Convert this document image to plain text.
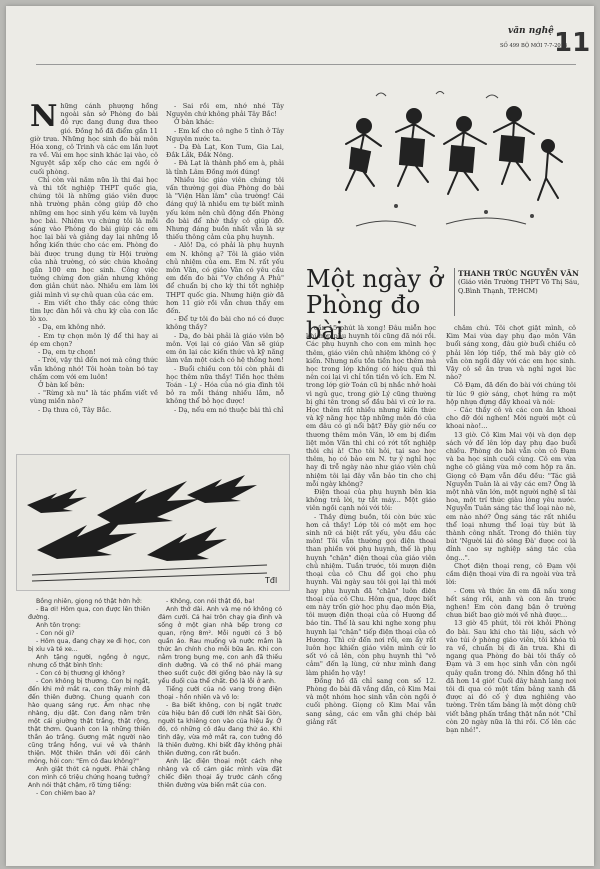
văn nghệ
SỐ 499 BỘ MỚI 7-7-2016
11
N hững cánh phượng hồng ngoài sân sở Phòng đo bài đỏ rực đang đung đưa theo gió. Đồng hồ đã điểm gần 11 giờ trưa. Những học sinh đo bài môn Hóa xong, cô Trinh và các em lần lượt ra về. Vài em học sinh khác lại vào, cô Nguyệt sắp xếp cho các em ngồi ở cuối phòng.

Chỉ còn vài năm nữa là thi đại học và thi tốt nghiệp THPT quốc gia, chúng tôi là những giáo viên được nhà trường phân công giúp đỡ cho những em học sinh yếu kém và luyện học bài. Nhiệm vụ chúng tôi là mỗi sáng vào Phòng đo bài giúp các em học lại bài và giảng dạy lại những lỗ hổng kiến thức cho các em. Phòng đo bài được trung dụng từ Hội trường của nhà trường, có sức chứa khoảng gần 100 em học sinh. Công việc tưởng chừng đơn giản nhưng không đơn giản chút nào. Nhiều em làm lời giải mình vì sự chủ quan của các em.

- Em viết cho thầy các công thức tìm lực đàn hồi và chu kỳ của con lắc lò xo.

- Dạ, em không nhớ.

- Em tự chọn môn lý để thi hay ai ép em chọn?

- Dạ, em tự chọn!

- Trời, vậy thì đến nơi mà công thức vẫn không nhớ! Tôi hoàn toàn bó tay chấm cơm với em luôn!

Ở bàn kế bên:

- "Rừng xà nu" là tác phẩm viết về vùng miền nào?

- Dạ thưa cô, Tây Bắc.

- Sai rồi em, nhớ nhé Tây Nguyên chứ không phải Tây Bắc!

Ở bàn khác:

- Em kể cho cô nghe 5 tỉnh ở Tây Nguyên nước ta.

- Dạ Đà Lạt, Kon Tum, Gia Lai, Đắk Lắk, Đắk Nông.

- Đà Lạt là thành phố em à, phải là tỉnh Lâm Đồng mới đúng!

Nhiều lúc giáo viên chúng tôi vấn thường gọi đùa Phòng đo bài là "Viện Hàn lâm" của trường! Cái đáng quý là nhiều em tự biết mình yếu kém nên chủ động đến Phòng đo bài để nhờ thầy cô giúp đỡ. Nhưng đáng buồn nhất vẫn là sự thiếu thông cảm của phụ huynh.

- Alô! Dạ, có phải là phụ huynh em N. không ạ? Tôi là giáo viên chủ nhiệm của em. Em N. rất yếu môn Văn, có giáo Vân có yêu cầu em đến đo bài "Vợ chồng A Phủ" để chuẩn bị cho kỳ thi tốt nghiệp THPT quốc gia. Nhưng hiện giờ đã hơn 11 giờ rồi vẫn chưa thấy em đến.

- Để tự tôi đo bài cho nó có được không thầy?

- Dạ, đo bài phải là giáo viên bộ môn. Vợi lại có giáo Vân sẽ giúp em ôn lại các kiến thức và kỹ năng làm văn một cách có hệ thống hơn!

- Buổi chiều con tôi còn phải đi học thêm nữa thầy! Tiền học thêm Toán - Lý - Hóa của nó gia đình tôi bỏ ra mỗi tháng nhiều lắm, nỗ không thể bỏ học được!

- Dạ, nếu em nó thuộc bài thì chỉ

Một ngày ở Phòng đo bài
THANH TRÚC NGUYỄN VĂN
(Giáo viên Trường THPT Võ Thị Sáu, Q.Bình Thạnh, TP.HCM)

cần 15 phút là xong! Đâu miễn học khi hợp phụ huynh tôi cũng đã nói rồi. Các phụ huynh cho con em mình học thêm, giáo viên chủ nhiệm không có ý kiến. Nhưng nếu tồn tiền học thêm mà học trong lớp không có hiệu quả thì nên coi lại vì chỉ tồn tiền vô ích. Em N. trong lớp giờ Toán cũ bị nhắc nhở hoài vì ngủ gục, trong giờ Lý cũng thường bị ghi tên trong sổ đầu bài vì cứ lơ ra. Học thêm rất nhiều nhưng kiến thức và kỹ năng học tập những môn đó của em đâu có gì nổi bật? Đây giờ nếu cơ thương thêm môn Văn, lỡ em bị điểm liệt môn Văn thì chi có rớt tốt nghiệp thôi chị à! Cho tôi hỏi, tại sao học thêm, họ có bảo em N. tự ý nghỉ học hay đi trễ ngày nào như giáo viên chủ nhiệm tôi lại đây vẫn bảo tin cho chị mỗi ngày không?

Điện thoại của phụ huynh bên kia không trả lời, tự tắt máy... Một giáo viên ngồi cạnh nói với tôi:

- Thầy đừng buồn, tôi còn bức xúc hơn cả thầy! Lớp tôi có một em học sinh nữ cá biệt rất yếu, yêu đầu các môn! Tôi vẫn thường gọi điện thoại than phiền với phụ huynh, thế là phụ huynh "chặn" điện thoại của giáo viên chủ nhiệm. Tuần trước, tôi mượn điện thoại của cô Chu để gọi cho phụ huynh. Vài ngày sau tôi gọi lại thì mới hay phụ huynh đã "chặn" luôn điện thoại của cô Chu. Hôm qua, được biết em này trốn giờ học phụ đạo môn Địa, tôi mượn điện thoại của cô Hương để báo tin. Thế là sau khi nghe xong phụ huynh lại "chặn" tiếp điện thoại của cô Hương. Thì cứ đến nơi rồi, em ấy rất luôn học khiến giáo viên mình cứ lo sốt vó cả lên, còn phụ huynh thì "vô cảm" đến lạ lùng, cứ như mình đang làm phiền họ vậy!

Đồng hồ đã chỉ sang con số 12. Phòng đo bài đã vắng dần, cô Kim Mai và một nhóm học sinh vẫn còn ngồi ở cuối phòng. Giọng cô Kim Mai vẫn sang sảng, các em vẫn ghi chép bài giảng rất

chăm chú. Tôi chợt giật mình, cô Kim Mai vừa dạy phụ đạo môn Văn buổi sáng xong, đâu giờ buổi chiều cô phải lên lớp tiếp, thế mà bây giờ cô vẫn còn ngồi đây với các em học sinh. Vậy cô sẽ ăn trưa và nghỉ ngơi lúc nào?

Cô Đạm, đã đến đo bài với chúng tôi từ lúc 9 giờ sáng, chợt hứng ra một hộp nhựa đựng đầy khoai và nói:

- Các thầy cô và các con ăn khoai cho đỡ đói nghen! Mời người một củ khoai nào!...

13 giờ. Cô Kim Mai vội và dọn dẹp sách vở để lên lớp dạy phụ đạo buổi chiều. Phòng đo bài vẫn còn cô Đạm và ba học sinh cuối cùng. Cô em vừa nghe cô giảng vừa mở cơm hộp ra ăn. Giọng cô Đạm vẫn đều đều: "Tác giả Nguyễn Tuân là ai vậy các em? Ông là một nhà văn lớn, một người nghệ sĩ tài hoa, một trí thức giàu lòng yêu nước. Nguyễn Tuân sáng tác thể loại nào nè, em nào nhớ? Ông sáng tác rất nhiều thể loại nhưng thể loại tùy bút là thành công nhất. Trong đó thiên tùy bút 'Người lái đò sông Đà' được coi là đỉnh cao sự nghiệp sáng tác của ông...".

Chợt điện thoại reng, cô Đạm vội cầm điện thoại vừa đi ra ngoài vừa trả lời:

- Cơm và thức ăn em đã nấu xong hết sáng rồi, anh và con ăn trước nghen! Em còn đang bận ở trường chưa biết bao giờ mới về nhà được...

13 giờ 45 phút, tôi rời khỏi Phòng đo bài. Sau khi cho tài liệu, sách vở vào túi ở phòng giáo viên, tôi khóa tủ ra về, chuẩn bị đi ăn trưa. Khi đi ngang qua Phòng đo bài tôi thấy cô Đạm và 3 em học sinh vẫn còn ngồi quây quần trong đó. Nhìn đồng hồ thì đã hơn 14 giờ! Cuối đây hành lang nơi tôi đi qua có một tấm bảng xanh đã được ai đó cố ý dựa nghiêng vào tường. Trên tấm bảng là một dòng chữ viết bằng phấn trắng thật nắn nót "Chỉ còn 20 ngày nữa là thi rồi. Cố lên các bạn nhé!".

Tđl

Bồng nhiên, giọng nó thật hớn hở:

- Ba ơi! Hôm qua, con được lên thiên đường.

Anh tôn trọng:

- Con nói gì?

- Hôm qua, đang chạy xe đi học, con bị xỉu và té xe...

Anh tặng người, ngồng ở ngực, nhưng cố thật bình tĩnh:

- Con có bị thương gì không?

- Con không bị thương. Con bị ngất, đến khi mở mắt ra, con thấy mình đã đến thiên đường. Chung quanh con hào quang sáng rực. Âm nhạc nhẹ nhàng, dịu dặt. Con đang nằm trên một cái giường thật trắng, thật rộng, thật thơm. Quanh con là những thiên thần áo trắng. Gương mặt người nào cũng trắng hồng, vui vẻ và thánh thiện. Một thiên thần với đôi cánh mỏng, hỏi con: "Em có đau không?"

Anh giật thót cả người. Phải chăng con mình có triệu chứng hoang tưởng? Anh nói thật chậm, rõ từng tiếng:

- Con chiêm bao à?

- Không, con nói thật đó, ba!

Anh thở dài. Anh và mẹ nó không có đảm cưới. Cả hai trôn chạy gia đình và sống ở một gian nhà bếp trong cơ quan, rộng 8m². Mỗi người có 3 bộ quần áo. Rau muống và nước mắm là thức ăn chính cho mỗi bữa ăn. Khi con nằm trong bụng mẹ, con anh đã thiếu dinh dưỡng. Và có thể nó phải mang theo suốt cuộc đời giống bào này là sự yếu đuối của thể chất. Đó là lỗi ở anh.

Tiếng cười của nó vang trong điện thoại - hồn nhiên và vô lo:

- Ba biết không, con bị ngất trước cửa hiệu bán đồ cưới lớn nhất Sài Gòn, người ta khiêng con vào của hiệu ấy. Ở đó, có những cô dâu đang thử áo. Khi tỉnh dậy, vừa mở mắt ra, con tưởng đó là thiên đường. Khi biết đây không phải thiên đường, con rất buồn.

Anh lặc điện thoại một cách nhẹ nhàng và cố cảm giác mình vừa đặt chiếc điện thoại ấy trước cánh cổng thiên đường vừa biến mất của con.
